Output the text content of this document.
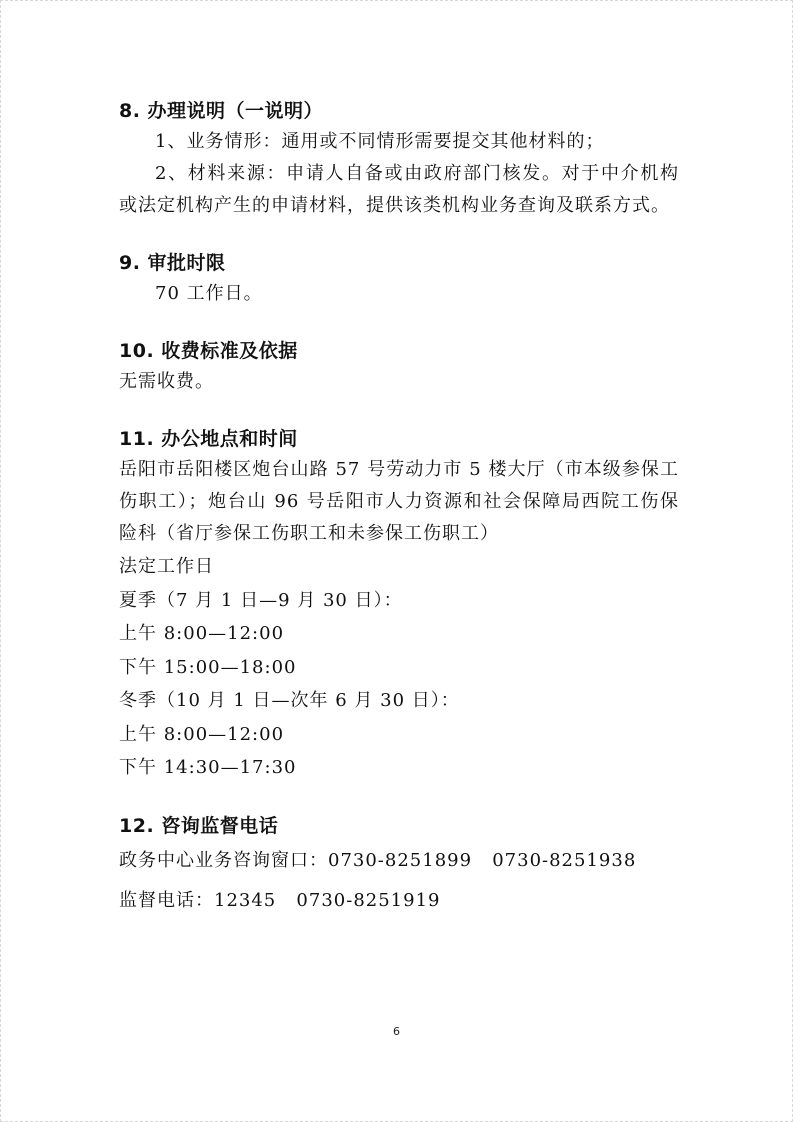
8. 办理说明（一说明）

1、业务情形：通用或不同情形需要提交其他材料的；

2、材料来源：申请人自备或由政府部门核发。对于中介机构或法定机构产生的申请材料，提供该类机构业务查询及联系方式。

9. 审批时限

70 工作日。

10. 收费标准及依据

无需收费。

11. 办公地点和时间

岳阳市岳阳楼区炮台山路 57 号劳动力市 5 楼大厅（市本级参保工伤职工）；炮台山 96 号岳阳市人力资源和社会保障局西院工伤保险科（省厅参保工伤职工和未参保工伤职工）

法定工作日

夏季（7 月 1 日—9 月 30 日）：

上午 8:00—12:00

下午 15:00—18:00

冬季（10 月 1 日—次年 6 月 30 日）：

上午 8:00—12:00

下午 14:30—17:30

12. 咨询监督电话

政务中心业务咨询窗口：0730-8251899   0730-8251938

监督电话：12345   0730-8251919

6
